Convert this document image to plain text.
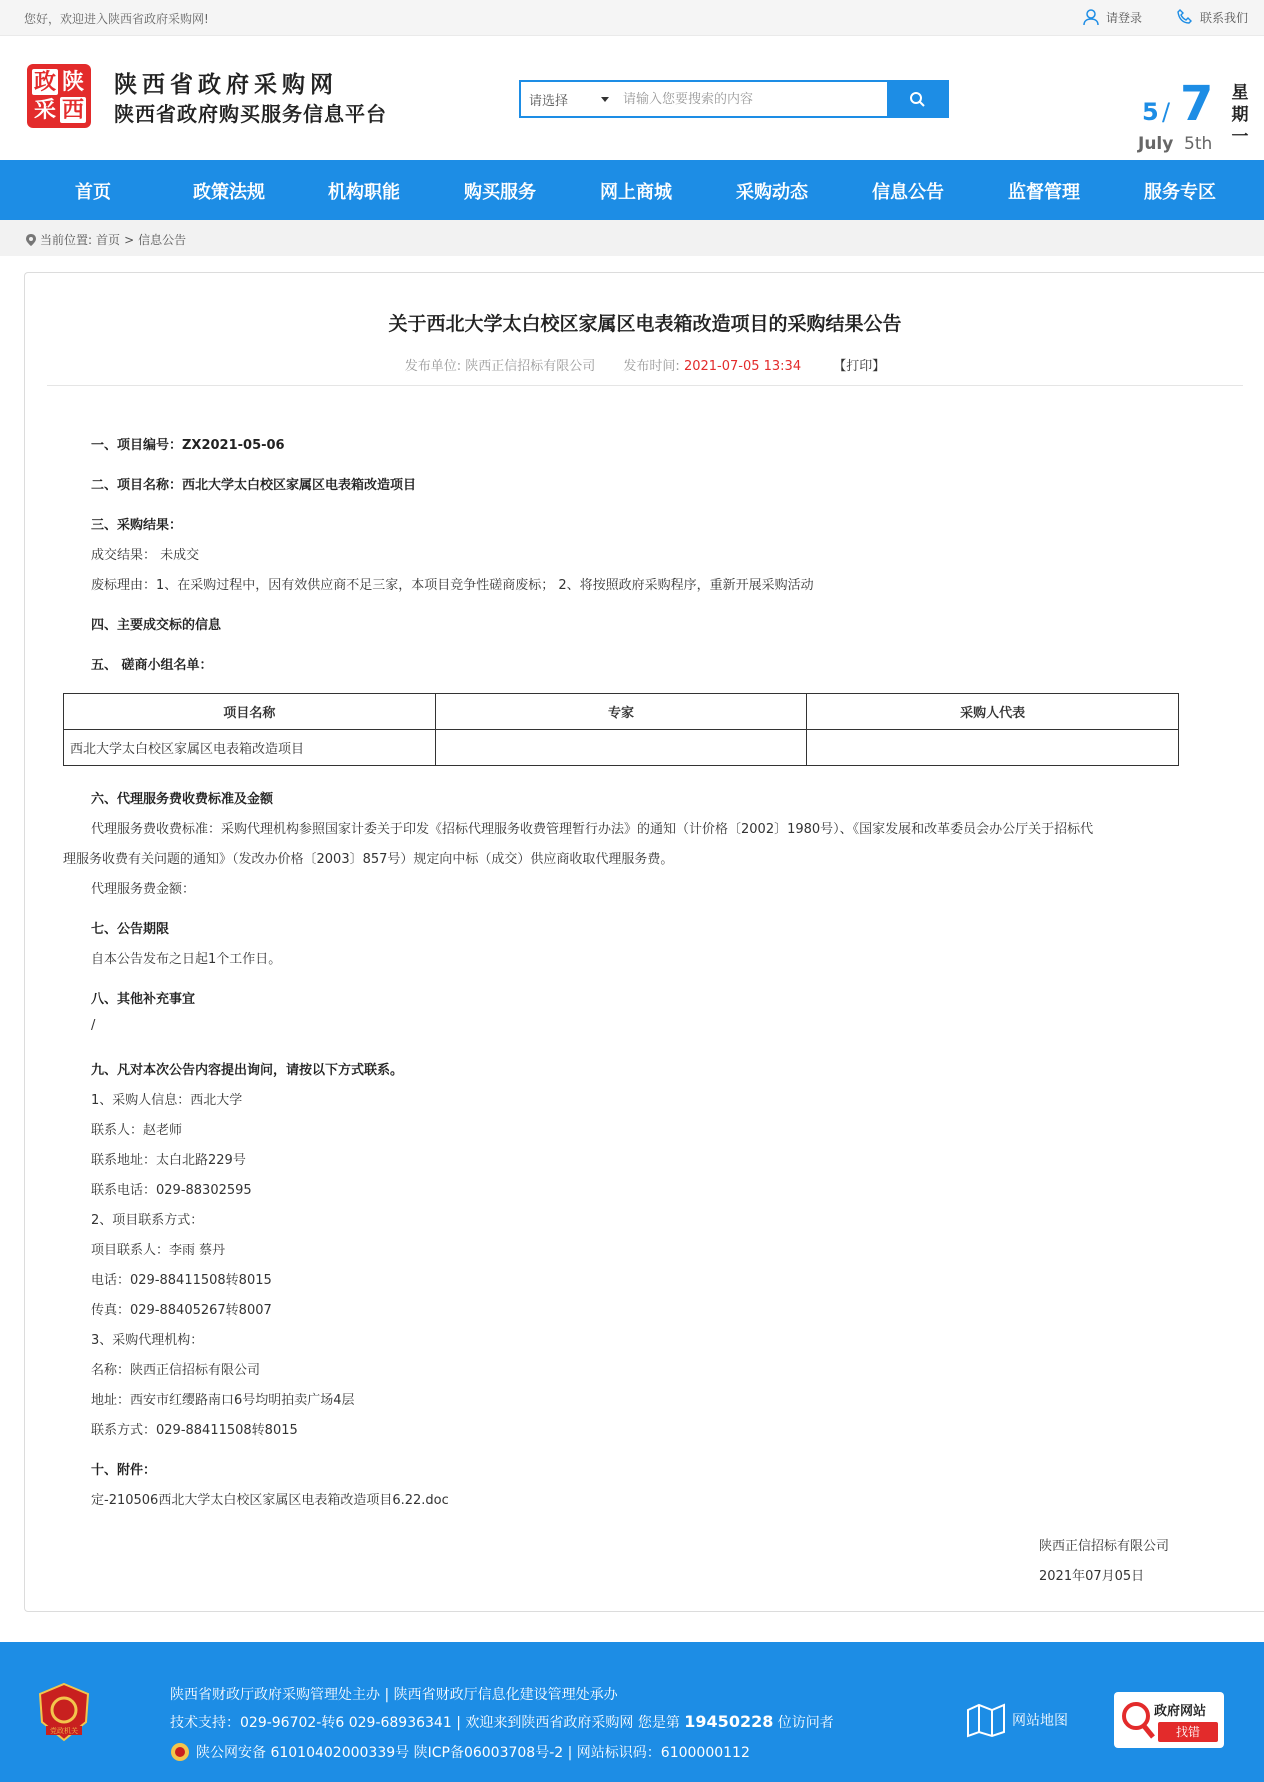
您好，欢迎进入陕西省政府采购网!	请登录	联系我们
政 陕
采 西
陕西省政府采购网
陕西省政府购买服务信息平台
请选择
请输入您要搜索的内容	5 / 7
July 5th
星期一
首页	政策法规	机构职能	购买服务	网上商城	采购动态	信息公告	监督管理	服务专区
当前位置: 首页 > 信息公告
关于西北大学太白校区家属区电表箱改造项目的采购结果公告
发布单位: 陕西正信招标有限公司 发布时间: 2021-07-05 13:34 【打印】
一、项目编号：ZX2021-05-06
二、项目名称：西北大学太白校区家属区电表箱改造项目
三、采购结果：
成交结果： 未成交
废标理由：1、在采购过程中，因有效供应商不足三家，本项目竞争性磋商废标； 2、将按照政府采购程序，重新开展采购活动
四、主要成交标的信息
五、 磋商小组名单：
项目名称	专家	采购人代表
西北大学太白校区家属区电表箱改造项目		
六、代理服务费收费标准及金额
代理服务费收费标准：采购代理机构参照国家计委关于印发《招标代理服务收费管理暂行办法》的通知（计价格〔2002〕1980号）、《国家发展和改革委员会办公厅关于招标代
理服务收费有关问题的通知》（发改办价格〔2003〕857号）规定向中标（成交）供应商收取代理服务费。
代理服务费金额：
七、公告期限
自本公告发布之日起1个工作日。
八、其他补充事宜
/
九、凡对本次公告内容提出询问，请按以下方式联系。
1、采购人信息：西北大学
联系人：赵老师
联系地址：太白北路229号
联系电话：029-88302595
2、项目联系方式：
项目联系人：李雨 蔡丹
电话：029-88411508转8015
传真：029-88405267转8007
3、采购代理机构：
名称：陕西正信招标有限公司
地址：西安市红缨路南口6号均明拍卖广场4层
联系方式：029-88411508转8015
十、附件：
定-210506西北大学太白校区家属区电表箱改造项目6.22.doc
陕西正信招标有限公司
2021年07月05日
党政机关
陕西省财政厅政府采购管理处主办 | 陕西省财政厅信息化建设管理处承办
技术支持：029-96702-转6 029-68936341 | 欢迎来到陕西省政府采购网 您是第 19450228 位访问者
陕公网安备 61010402000339号 陕ICP备06003708号-2 | 网站标识码：6100000112
网站地图
政府网站
找错
